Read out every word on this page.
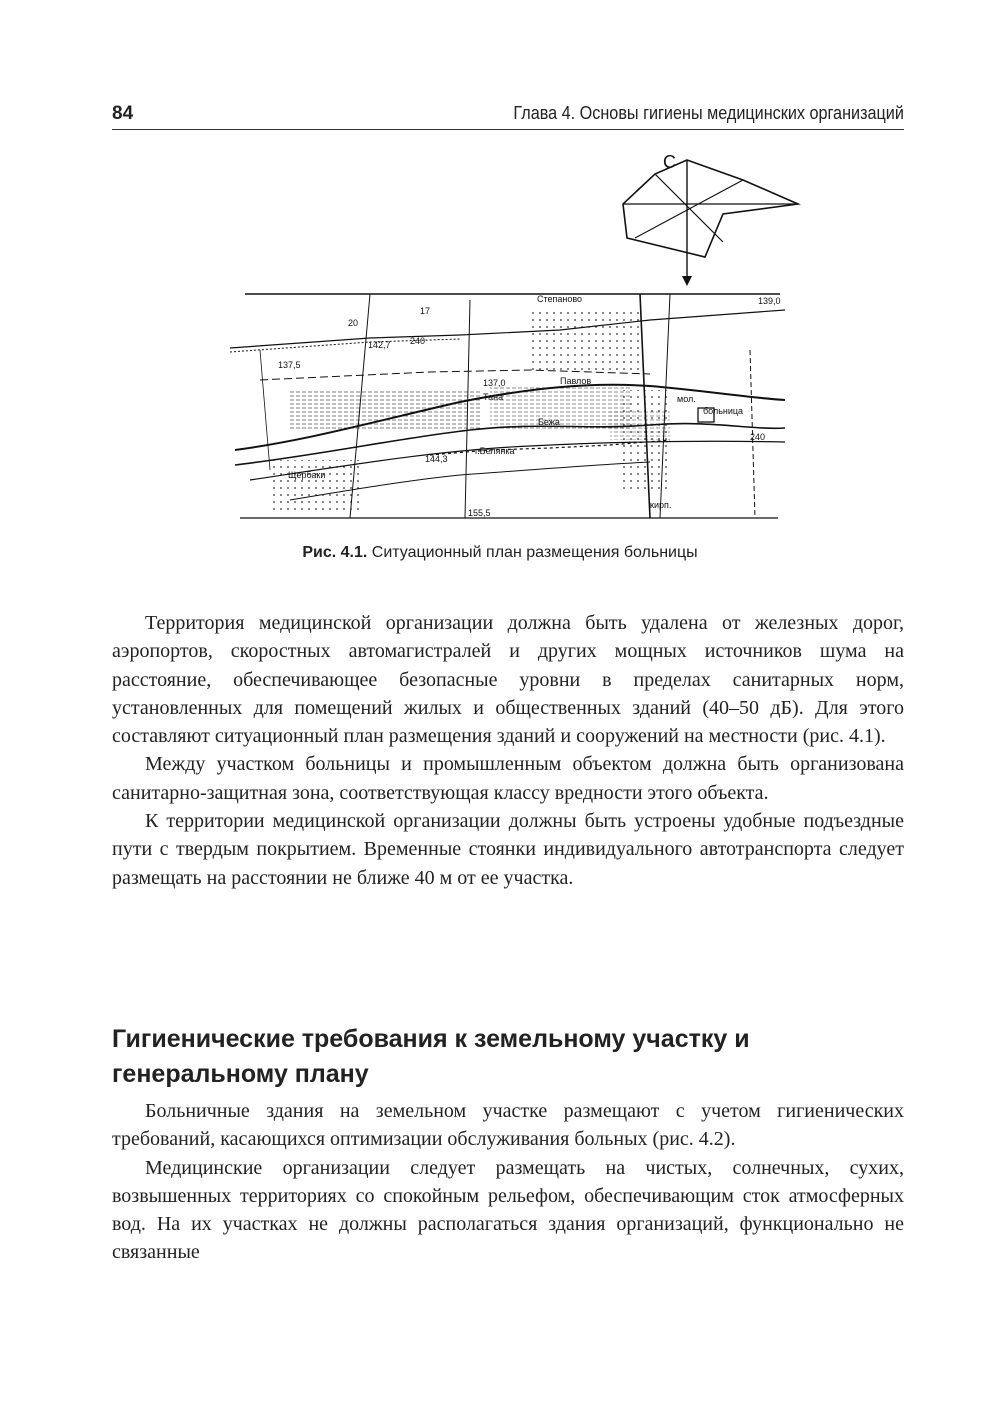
84	Глава 4. Основы гигиены медицинских организаций
С
Степаново	139,0
17
20
142,7 240
137,5
137,0	Павлов
Тана	мол.
больница
Бежа
240
144,3
г.Белянка
Щербаки
кирп.
155,5
Рис. 4.1. Ситуационный план размещения больницы

Территория медицинской организации должна быть удалена от железных дорог, аэропортов, скоростных автомагистралей и других мощных источников шума на расстояние, обеспечивающее безопасные уровни в пределах санитарных норм, установленных для помещений жилых и общественных зданий (40–50 дБ). Для этого составляют ситуационный план размещения зданий и сооружений на местности (рис. 4.1).

Между участком больницы и промышленным объектом должна быть организована санитарно-защитная зона, соответствующая классу вредности этого объекта.

К территории медицинской организации должны быть устроены удобные подъездные пути с твердым покрытием. Временные стоянки индивидуального автотранспорта следует размещать на расстоянии не ближе 40 м от ее участка.

Гигиенические требования к земельному участку и генеральному плану

Больничные здания на земельном участке размещают с учетом гигиенических требований, касающихся оптимизации обслуживания больных (рис. 4.2).

Медицинские организации следует размещать на чистых, солнечных, сухих, возвышенных территориях со спокойным рельефом, обеспечивающим сток атмосферных вод. На их участках не должны располагаться здания организаций, функционально не связанные
